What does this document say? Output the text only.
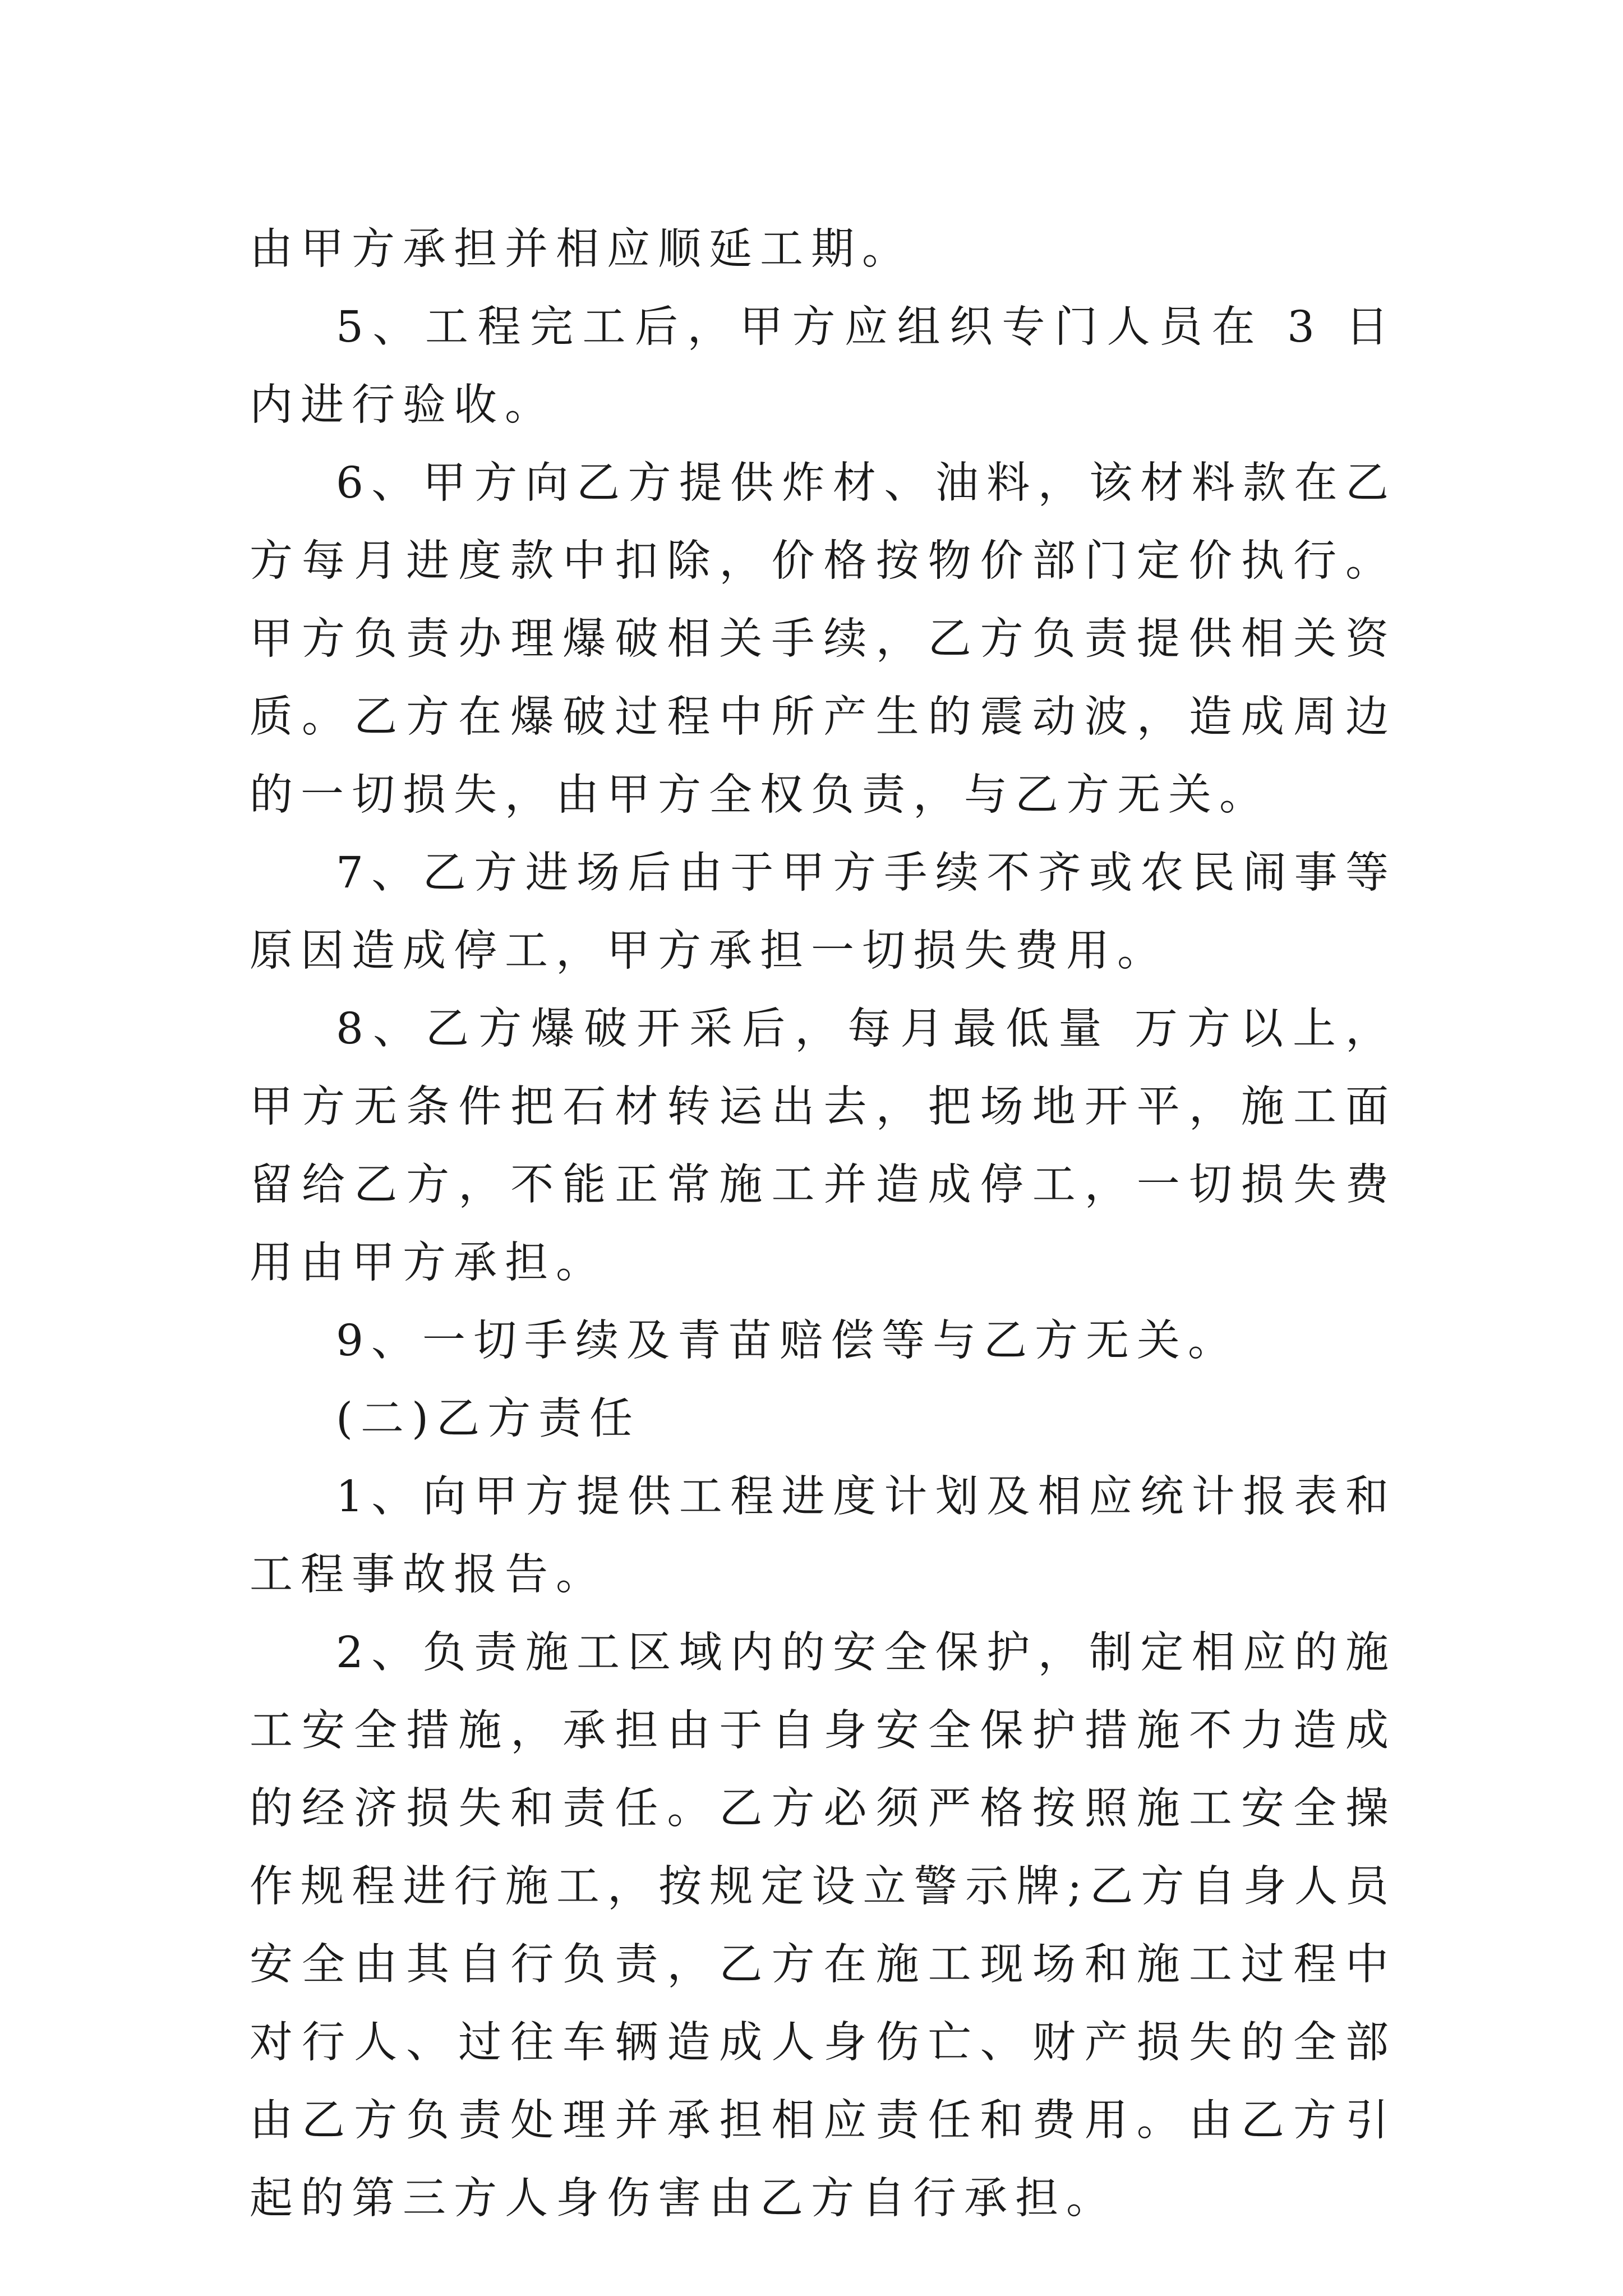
由甲方承担并相应顺延工期。

5、工程完工后，甲方应组织专门人员在 3 日内进行验收。

6、甲方向乙方提供炸材、油料，该材料款在乙方每月进度款中扣除，价格按物价部门定价执行。甲方负责办理爆破相关手续，乙方负责提供相关资质。乙方在爆破过程中所产生的震动波，造成周边的一切损失，由甲方全权负责，与乙方无关。

7、乙方进场后由于甲方手续不齐或农民闹事等原因造成停工，甲方承担一切损失费用。

8、乙方爆破开采后，每月最低量 万方以上，甲方无条件把石材转运出去，把场地开平，施工面留给乙方，不能正常施工并造成停工，一切损失费用由甲方承担。

9、一切手续及青苗赔偿等与乙方无关。

(二)乙方责任

1、向甲方提供工程进度计划及相应统计报表和工程事故报告。

2、负责施工区域内的安全保护，制定相应的施工安全措施，承担由于自身安全保护措施不力造成的经济损失和责任。乙方必须严格按照施工安全操作规程进行施工，按规定设立警示牌;乙方自身人员安全由其自行负责，乙方在施工现场和施工过程中对行人、过往车辆造成人身伤亡、财产损失的全部由乙方负责处理并承担相应责任和费用。由乙方引起的第三方人身伤害由乙方自行承担。
